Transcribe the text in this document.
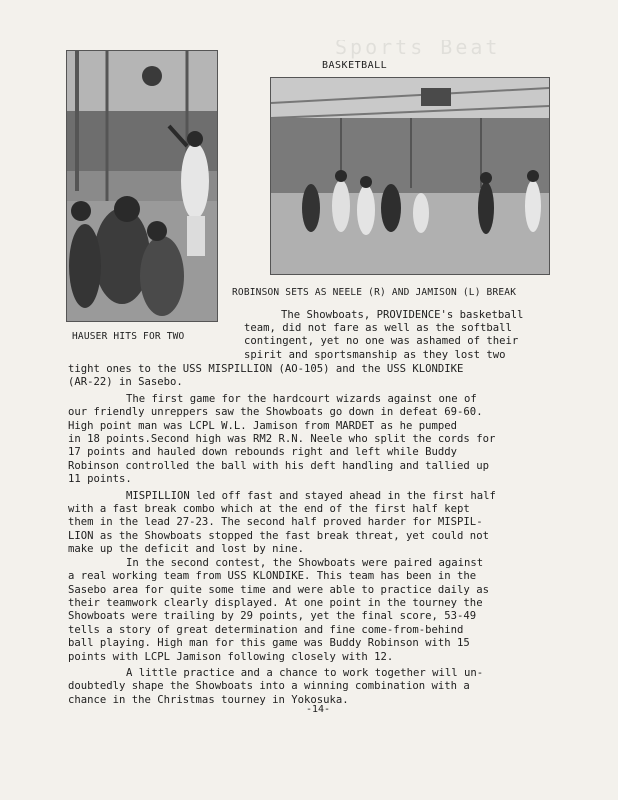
Sports Beat
BASKETBALL
ROBINSON SETS AS NEELE (R) AND JAMISON (L) BREAK
HAUSER HITS FOR TWO
The Showboats, PROVIDENCE's basketball
team, did not fare as well as the softball
contingent, yet no one was ashamed of their
spirit and sportsmanship as they lost two
tight ones to the USS MISPILLION (AO-105) and the USS KLONDIKE
(AR-22) in Sasebo.
The first game for the hardcourt wizards against one of
our friendly unreppers saw the Showboats go down in defeat 69-60.
High point man was LCPL W.L. Jamison from MARDET as he pumped
in 18 points.Second high was RM2 R.N. Neele who split the cords for
17 points and hauled down rebounds right and left while Buddy
Robinson controlled the ball with his deft handling and tallied up
11 points.
MISPILLION led off fast and stayed ahead in the first half
with a fast break combo which at the end of the first half kept
them in the lead 27-23. The second half proved harder for MISPIL-
LION as the Showboats stopped the fast break threat, yet could not
make up the deficit and lost by nine.
In the second contest, the Showboats were paired against
a real working team from USS KLONDIKE. This team has been in the
Sasebo area for quite some time and were able to practice daily as
their teamwork clearly displayed. At one point in the tourney the
Showboats were trailing by 29 points, yet the final score, 53-49
tells a story of great determination and fine come-from-behind
ball playing. High man for this game was Buddy Robinson with 15
points with LCPL Jamison following closely with 12.
A little practice and a chance to work together will un-
doubtedly shape the Showboats into a winning combination with a
chance in the Christmas tourney in Yokosuka.
-14-
